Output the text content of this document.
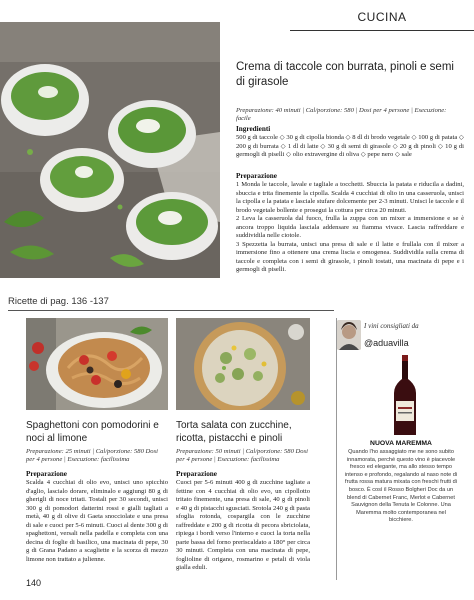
CUCINA
Crema di taccole con burrata, pinoli e semi di girasole
Preparazione: 40 minuti | Cal/porzione: 580 | Dosi per 4 persone | Esecuzione: facile
Ingredienti
500 g di taccole ◇ 30 g di cipolla bionda ◇ 8 dl di brodo vegetale ◇ 100 g di patata ◇ 200 g di burrata ◇ 1 dl di latte ◇ 30 g di semi di girasole ◇ 20 g di pinoli ◇ 10 g di germogli di piselli ◇ olio extravergine di oliva ◇ pepe nero ◇ sale
Preparazione
1 Monda le taccole, lavale e tagliale a tocchetti. Sbuccia la patata e riducila a dadini, sbuccia e trita finemente la cipolla. Scalda 4 cucchiai di olio in una casseruola, unisci la cipolla e la patata e lasciale stufare dolcemente per 2-3 minuti. Unisci le taccole e il brodo vegetale bollente e prosegui la cottura per circa 20 minuti.
2 Leva la casseruola dal fuoco, frulla la zuppa con un mixer a immersione e se è ancora troppo liquida lasciala addensare su fiamma vivace. Lascia raffreddare e suddividila nelle ciotole.
3 Spezzetta la burrata, unisci una presa di sale e il latte e frullala con il mixer a immersione fino a ottenere una crema liscia e omogenea. Suddividila sulla crema di taccole e completa con i semi di girasole, i pinoli tostati, una macinata di pepe e i germogli di piselli.
Ricette di pag. 136 -137
Spaghettoni con pomodorini e noci al limone
Preparazione: 25 minuti | Cal/porzione: 580 Dosi per 4 persone | Esecuzione: facilissima
Preparazione
Scalda 4 cucchiai di olio evo, unisci uno spicchio d'aglio, lascialo dorare, eliminalo e aggiungi 80 g di gherigli di noce tritati. Tostali per 30 secondi, unisci 300 g di pomodori datterini rossi e gialli tagliati a metà, 40 g di olive di Gaeta snocciolate e una presa di sale e cuoci per 5-6 minuti. Cuoci al dente 300 g di spaghettoni, versali nella padella e completa con una decina di foglie di basilico, una macinata di pepe, 30 g di Grana Padano a scagliette e la scorza di mezzo limone non trattato a julienne.
Torta salata con zucchine, ricotta, pistacchi e pinoli
Preparazione: 50 minuti | Cal/porzione: 580 Dosi per 4 persone | Esecuzione: facilissima
Preparazione
Cuoci per 5-6 minuti 400 g di zucchine tagliate a fettine con 4 cucchiai di olio evo, un cipollotto tritato finemente, una presa di sale, 40 g di pinoli e 40 g di pistacchi sgusciati. Srotola 240 g di pasta sfoglia rotonda, cospargila con le zucchine raffreddate e 200 g di ricotta di pecora sbriciolata, ripiega i bordi verso l'interno e cuoci la torta nella parte bassa del forno preriscaldato a 180° per circa 30 minuti. Completa con una macinata di pepe, foglioline di origano, rosmarino e petali di viola gialla eduli.
I vini consigliati da
@aduavilla
NUOVA MAREMMA
Quando l'ho assaggiato me ne sono subito innamorata, perché questo vino è piacevole fresco ed elegante, ma allo stesso tempo intenso e profondo, regalando al naso note di frutta rossa matura mixata con freschi frutti di bosco. È così il Rosso Bolgheri Doc da un blend di Cabernet Franc, Merlot e Cabernet Sauvignon della Tenuta le Colonne. Una Maremma molto contemporanea nel bicchiere.
140
